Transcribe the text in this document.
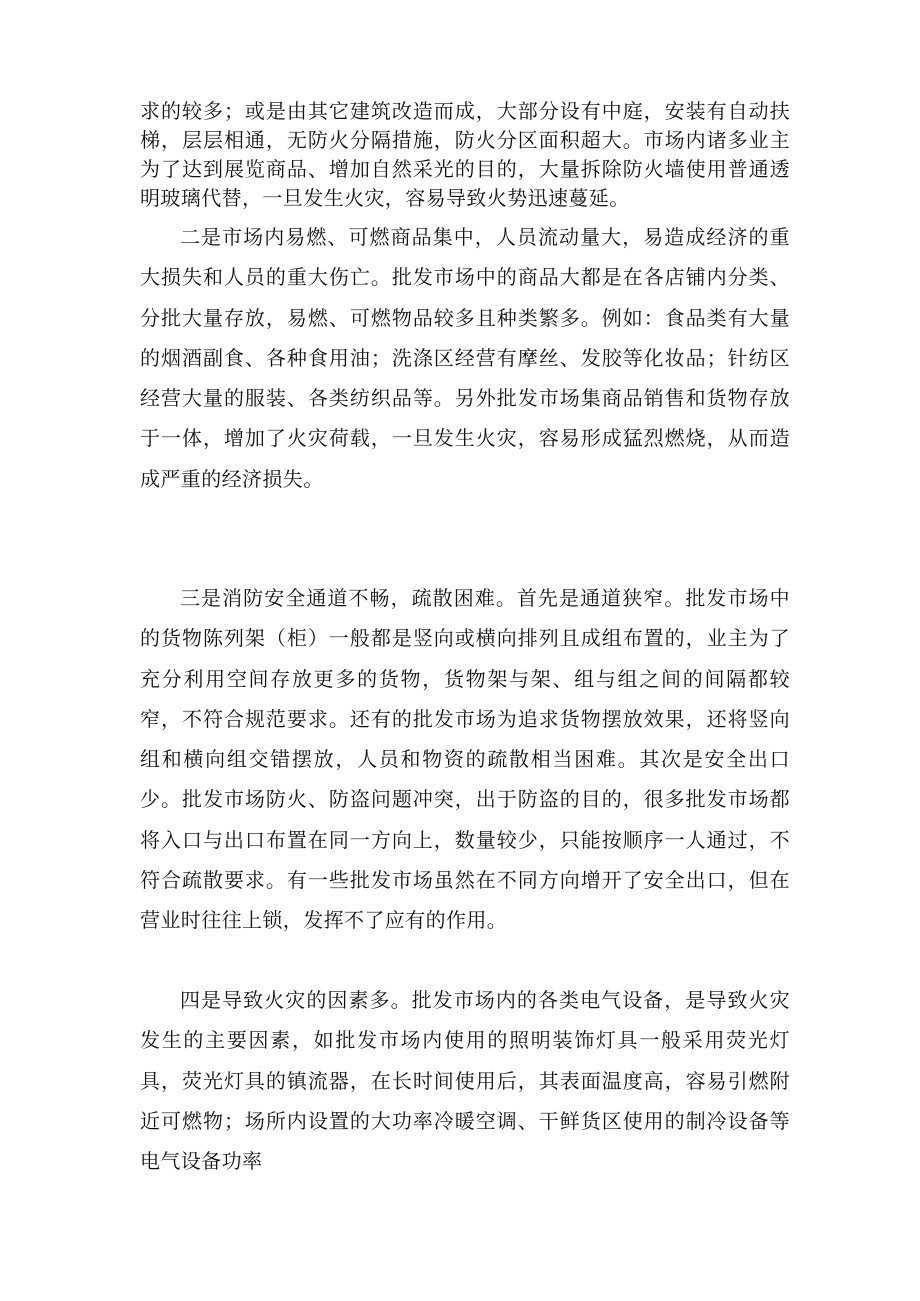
求的较多；或是由其它建筑改造而成，大部分设有中庭，安装有自动扶梯，层层相通，无防火分隔措施，防火分区面积超大。市场内诸多业主为了达到展览商品、增加自然采光的目的，大量拆除防火墙使用普通透明玻璃代替，一旦发生火灾，容易导致火势迅速蔓延。

二是市场内易燃、可燃商品集中，人员流动量大，易造成经济的重大损失和人员的重大伤亡。批发市场中的商品大都是在各店铺内分类、分批大量存放，易燃、可燃物品较多且种类繁多。例如：食品类有大量的烟酒副食、各种食用油；洗涤区经营有摩丝、发胶等化妆品；针纺区经营大量的服装、各类纺织品等。另外批发市场集商品销售和货物存放于一体，增加了火灾荷载，一旦发生火灾，容易形成猛烈燃烧，从而造成严重的经济损失。

三是消防安全通道不畅，疏散困难。首先是通道狭窄。批发市场中的货物陈列架（柜）一般都是竖向或横向排列且成组布置的，业主为了充分利用空间存放更多的货物，货物架与架、组与组之间的间隔都较窄，不符合规范要求。还有的批发市场为追求货物摆放效果，还将竖向组和横向组交错摆放，人员和物资的疏散相当困难。其次是安全出口少。批发市场防火、防盗问题冲突，出于防盗的目的，很多批发市场都将入口与出口布置在同一方向上，数量较少，只能按顺序一人通过，不符合疏散要求。有一些批发市场虽然在不同方向增开了安全出口，但在营业时往往上锁，发挥不了应有的作用。

四是导致火灾的因素多。批发市场内的各类电气设备，是导致火灾发生的主要因素，如批发市场内使用的照明装饰灯具一般采用荧光灯具，荧光灯具的镇流器，在长时间使用后，其表面温度高，容易引燃附近可燃物；场所内设置的大功率冷暖空调、干鲜货区使用的制冷设备等电气设备功率
